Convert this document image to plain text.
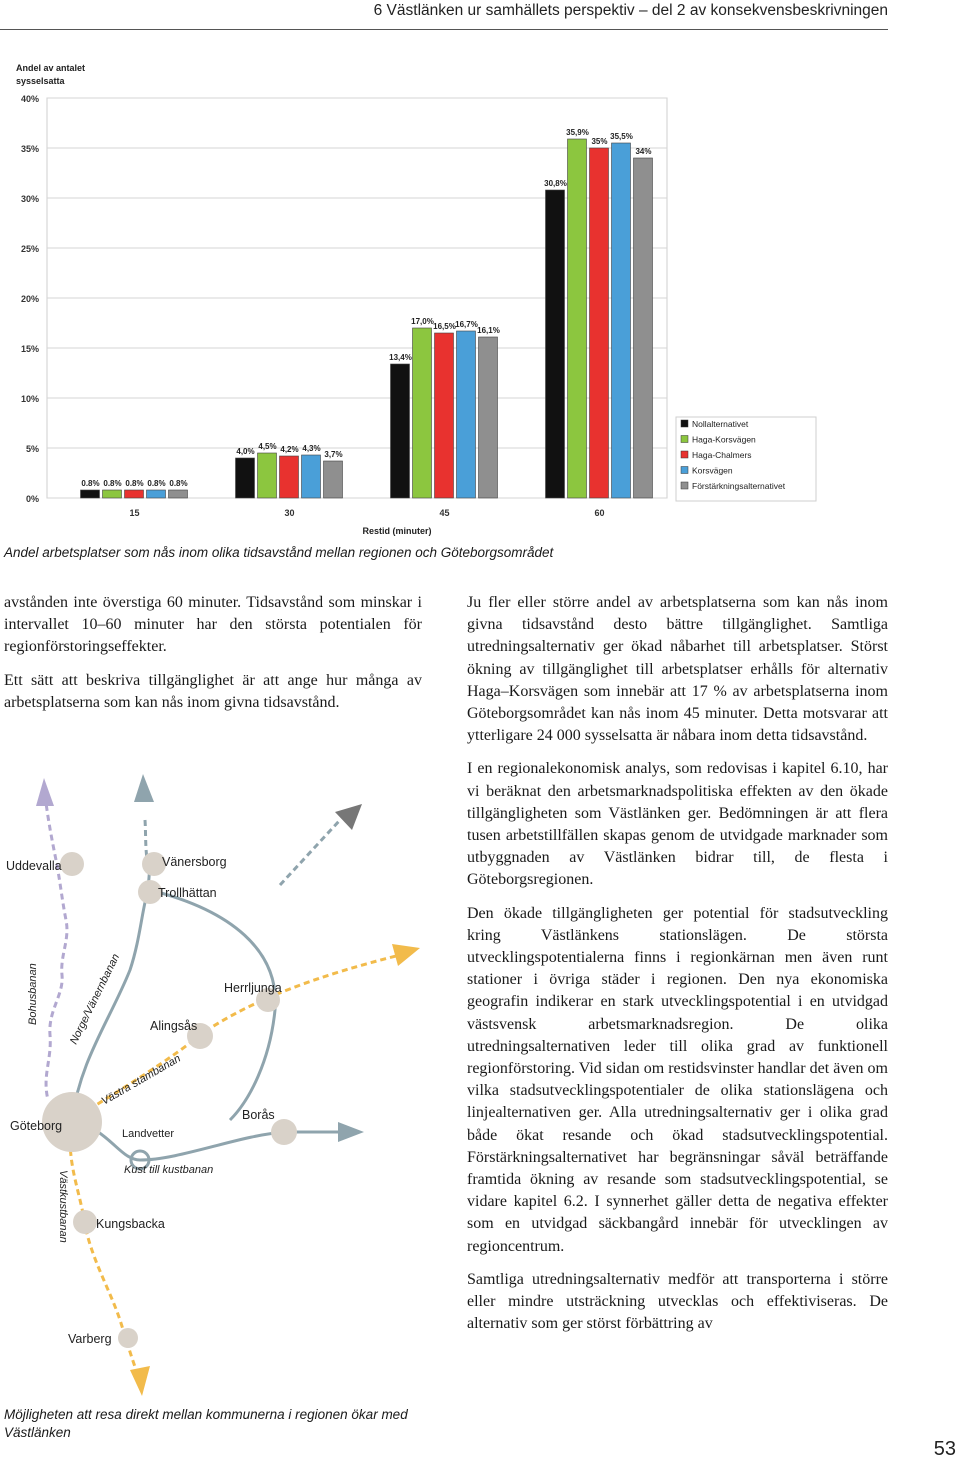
6 Västlänken ur samhällets perspektiv – del 2 av konsekvensbeskrivningen
0%
5%
10%
15%
20%
25%
30%
35%
40%
Andel av antalet
sysselsatta
0.8% 0.8% 0.8% 0.8% 0.8%
15
4,0%
4,5% 4,2% 4,3%
3,7%
30
13,4%
17,0%
16,5% 16,7%
16,1%
45
30,8%
35,9%
35%
35,5%
34%
60
Restid (minuter)
Nollalternativet
Haga-Korsvägen
Haga-Chalmers
Korsvägen
Förstärkningsalternativet
Andel arbetsplatser som nås inom olika tidsavstånd mellan regionen och Göteborgsområdet

avstånden inte överstiga 60 minuter. Tidsavstånd som minskar i intervallet 10–60 minuter har den största potentialen för regionförstoringseffekter.

Ett sätt att beskriva tillgänglighet är att ange hur många av arbetsplatserna som kan nås inom givna tidsavstånd.

Ju fler eller större andel av arbetsplatserna som kan nås inom givna tidsavstånd desto bättre tillgänglighet. Samtliga utredningsalternativ ger ökad nåbarhet till arbetsplatser. Störst ökning av tillgänglighet till arbetsplatser erhålls för alternativ Haga–Korsvägen som innebär att 17 % av arbetsplatserna inom Göteborgsområdet kan nås inom 45 minuter. Detta motsvarar att ytterligare 24 000 sysselsatta är nåbara inom detta tidsavstånd.

I en regionalekonomisk analys, som redovisas i kapitel 6.10, har vi beräknat den arbetsmarknadspolitiska effekten av den ökade tillgängligheten som Västlänken ger. Bedömningen är att flera tusen arbetstillfällen skapas genom de utvidgade marknader som utbyggnaden av Västlänken bidrar till, de flesta i Göteborgsregionen.

Den ökade tillgängligheten ger potential för stadsutveckling kring Västlänkens stationslägen. De största utvecklingspotentialerna finns i regionkärnan men även runt stationer i övriga städer i regionen. Den nya ekonomiska geografin indikerar en stark utvecklingspotential i en utvidgad västsvensk arbetsmarknadsregion. De olika utredningsalternativen leder till olika grad av funktionell regionförstoring. Vid sidan om restidsvinster handlar det även om vilka stadsutvecklingspotentialer de olika stationslägena och linjealternativen ger. Alla utredningsalternativ ger i olika grad både ökat resande och ökad stadsutvecklingspotential. Förstärkningsalternativet har begränsningar såväl beträffande framtida ökning av resande som stadsutvecklingspotential, se vidare kapitel 6.2. I synnerhet gäller detta de negativa effekter som en utvidgad säckbangård innebär för utvecklingen av regioncentrum.

Samtliga utredningsalternativ medför att transporterna i större eller mindre utsträckning utvecklas och effektiviseras. De alternativ som ger störst förbättring av

Uddevalla	Vänersborg
Trollhättan
Herrljunga
Alingsås
Göteborg
Borås
Landvetter
Kungsbacka
Varberg
Bohusbanan	Norge/Vänernbanan
Västra stambanan
Kust till kustbanan
Västkustbanan
Möjligheten att resa direkt mellan kommunerna i regionen ökar med Västlänken
53
